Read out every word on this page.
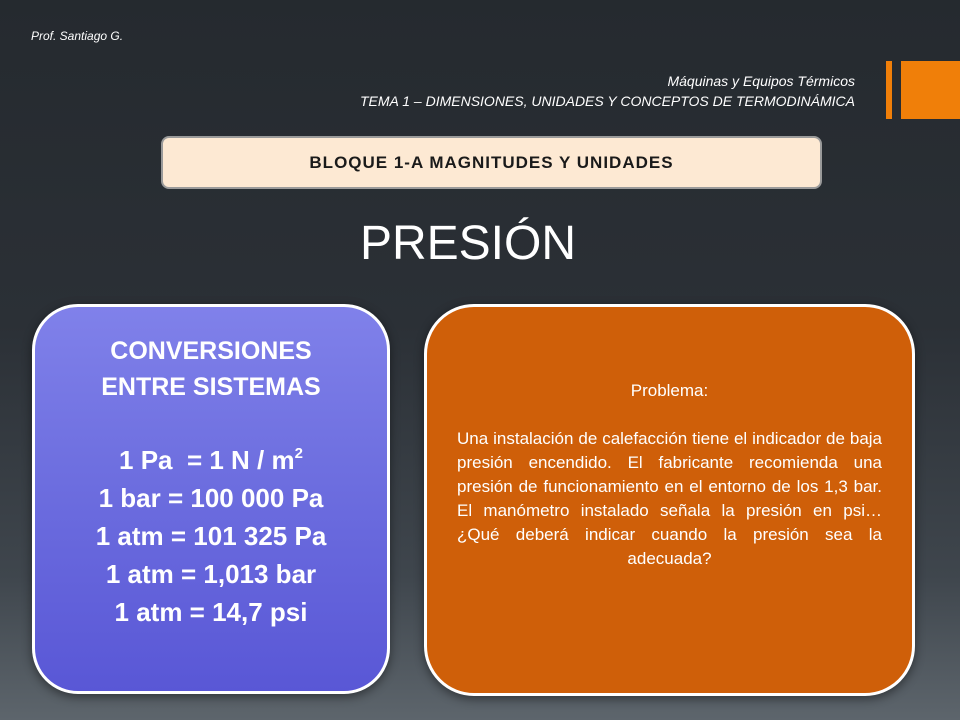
Prof. Santiago G.
Máquinas y Equipos Térmicos
TEMA 1 – DIMENSIONES, UNIDADES Y CONCEPTOS DE TERMODINÁMICA
BLOQUE 1-A MAGNITUDES Y UNIDADES
PRESIÓN
CONVERSIONES
ENTRE SISTEMAS
1 Pa  = 1 N / $m^2$
1 bar = 100 000 Pa
1 atm = 101 325 Pa
1 atm = 1,013 bar
1 atm = 14,7 psi
Problema:
Una instalación de calefacción tiene el indicador de baja presión encendido. El fabricante recomienda una presión de funcionamiento en el entorno de los 1,3 bar. El manómetro instalado señala la presión en psi… ¿Qué deberá indicar cuando la presión sea la adecuada?
